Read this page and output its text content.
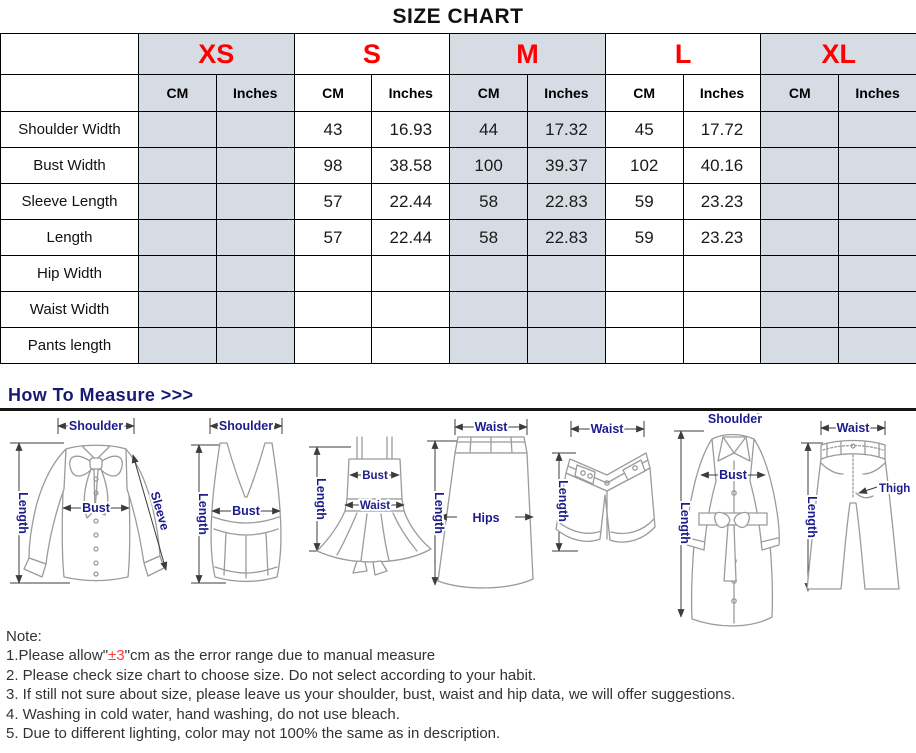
SIZE CHART
	XS		S		M		L		XL	
	CM	Inches	CM	Inches	CM	Inches	CM	Inches	CM	Inches
Shoulder Width			43	16.93	44	17.32	45	17.72		
Bust Width			98	38.58	100	39.37	102	40.16		
Sleeve Length			57	22.44	58	22.83	59	23.23		
Length			57	22.44	58	22.83	59	23.23		
Hip Width										
Waist Width										
Pants length										
How To Measure >>>
Shoulder
Length	Bust	Sleeve
Shoulder
Length Bust	Length
Bust
Waist
Waist
Length Hips
Waist
Length
Shoulder
Length
Bust
Waist
Length
Thigh
Note:
1.Please allow"±3"cm as the error range due to manual measure
2. Please check size chart to choose size. Do not select according to your habit.
3. If still not sure about size, please leave us your shoulder, bust, waist and hip data, we will offer suggestions.
4. Washing in cold water, hand washing, do not use bleach.
5. Due to different lighting, color may not 100% the same as in description.
